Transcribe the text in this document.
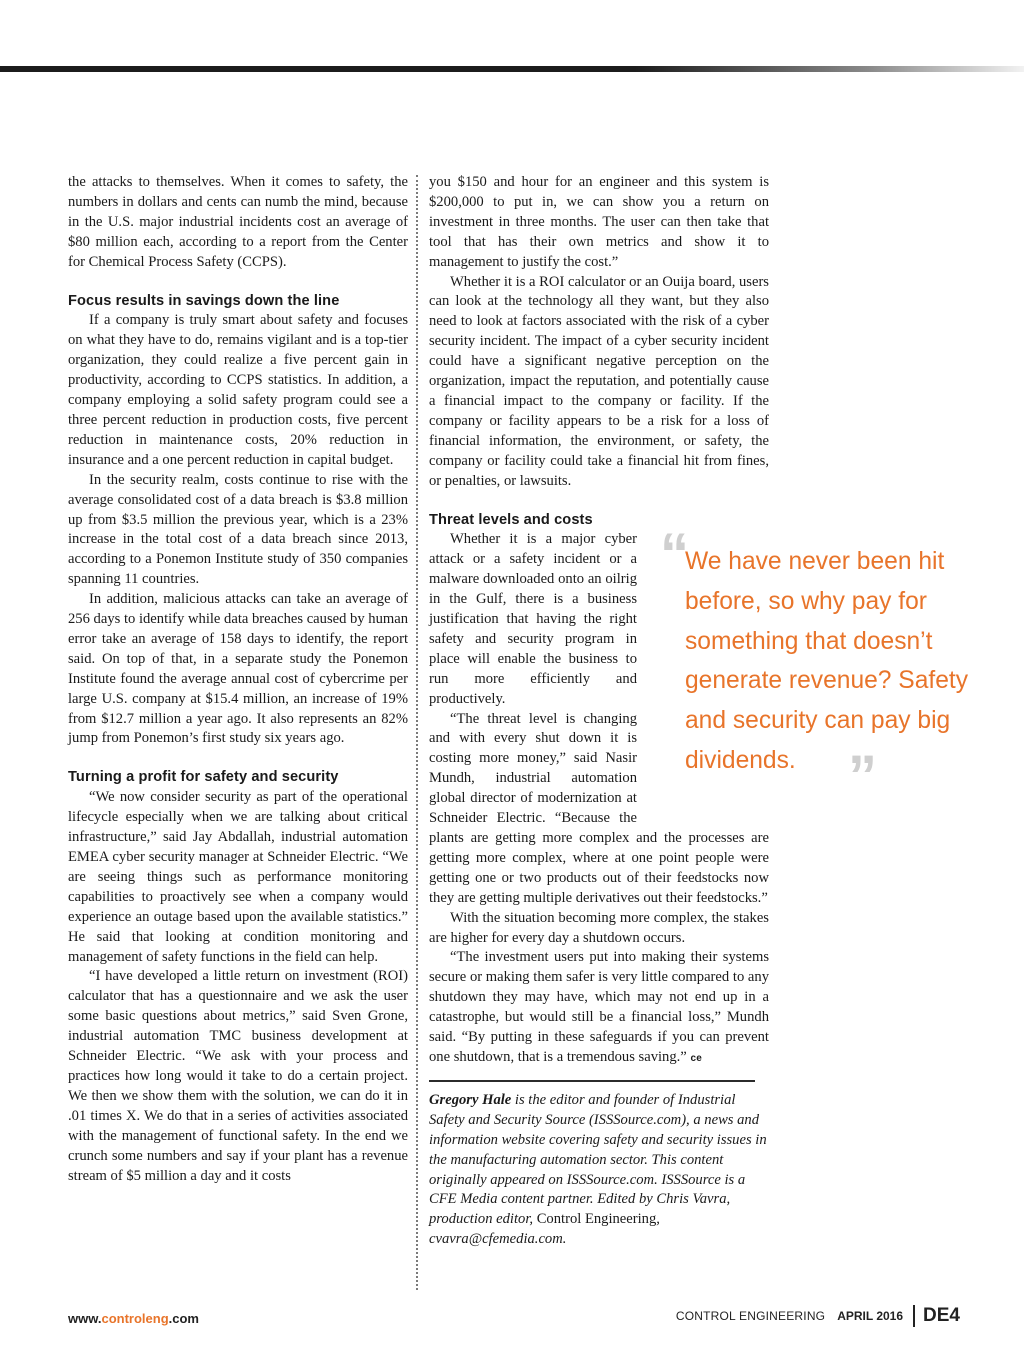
the attacks to themselves. When it comes to safety, the numbers in dollars and cents can numb the mind, because in the U.S. major industrial incidents cost an average of $80 million each, according to a report from the Center for Chemical Process Safety (CCPS).

Focus results in savings down the line

If a company is truly smart about safety and focuses on what they have to do, remains vigilant and is a top-tier organization, they could realize a five percent gain in productivity, according to CCPS statistics. In addition, a company employing a solid safety program could see a three percent reduction in production costs, five percent reduction in maintenance costs, 20% reduction in insurance and a one percent reduction in capital budget.

In the security realm, costs continue to rise with the average consolidated cost of a data breach is $3.8 million up from $3.5 million the previous year, which is a 23% increase in the total cost of a data breach since 2013, according to a Ponemon Institute study of 350 companies spanning 11 countries.

In addition, malicious attacks can take an average of 256 days to identify while data breaches caused by human error take an average of 158 days to identify, the report said. On top of that, in a separate study the Ponemon Institute found the average annual cost of cybercrime per large U.S. company at $15.4 million, an increase of 19% from $12.7 million a year ago. It also represents an 82% jump from Ponemon’s first study six years ago.

Turning a profit for safety and security

“We now consider security as part of the operational lifecycle especially when we are talking about critical infrastructure,” said Jay Abdallah, industrial automation EMEA cyber security manager at Schneider Electric. “We are seeing things such as performance monitoring capabilities to proactively see when a company would experience an outage based upon the available statistics.” He said that looking at condition monitoring and management of safety functions in the field can help.

“I have developed a little return on investment (ROI) calculator that has a questionnaire and we ask the user some basic questions about metrics,” said Sven Grone, industrial automation TMC business development at Schneider Electric. “We ask with your process and practices how long would it take to do a certain project. We then we show them with the solution, we can do it in .01 times X. We do that in a series of activities associated with the management of functional safety. In the end we crunch some numbers and say if your plant has a revenue stream of $5 million a day and it costs

you $150 and hour for an engineer and this system is $200,000 to put in, we can show you a return on investment in three months. The user can then take that tool that has their own metrics and show it to management to justify the cost.”

Whether it is a ROI calculator or an Ouija board, users can look at the technology all they want, but they also need to look at factors associated with the risk of a cyber security incident. The impact of a cyber security incident could have a significant negative perception on the organization, impact the reputation, and potentially cause a financial impact to the company or facility. If the company or facility appears to be a risk for a loss of financial information, the environment, or safety, the company or facility could take a financial hit from fines, or penalties, or lawsuits.

Threat levels and costs

Whether it is a major cyber attack or a safety incident or a malware downloaded onto an oilrig in the Gulf, there is a business justification that having the right safety and security program in place will enable the business to run more efficiently and productively.

“The threat level is changing and with every shut down it is costing more money,” said Nasir Mundh, industrial automation global director of modernization at Schneider Electric. “Because the plants are getting more complex and the processes are getting more complex, where at one point people were getting one or two products out of their feedstocks now they are getting multiple derivatives out their feedstocks.”

With the situation becoming more complex, the stakes are higher for every day a shutdown occurs.

“The investment users put into making their systems secure or making them safer is very little compared to any shutdown they may have, which may not end up in a catastrophe, but would still be a financial loss,” Mundh said. “By putting in these safeguards if you can prevent one shutdown, that is a tremendous saving.” ce

Gregory Hale is the editor and founder of Industrial Safety and Security Source (ISSSource.com), a news and information website covering safety and security issues in the manufacturing automation sector. This content originally appeared on ISSSource.com. ISSSource is a CFE Media content partner. Edited by Chris Vavra, production editor, Control Engineering, cvavra@cfemedia.com.

“
We have never been hit before, so why pay for something that doesn’t generate revenue? Safety and security can pay big dividends. ”
www.controleng.com	CONTROL ENGINEERING APRIL 2016 DE4
